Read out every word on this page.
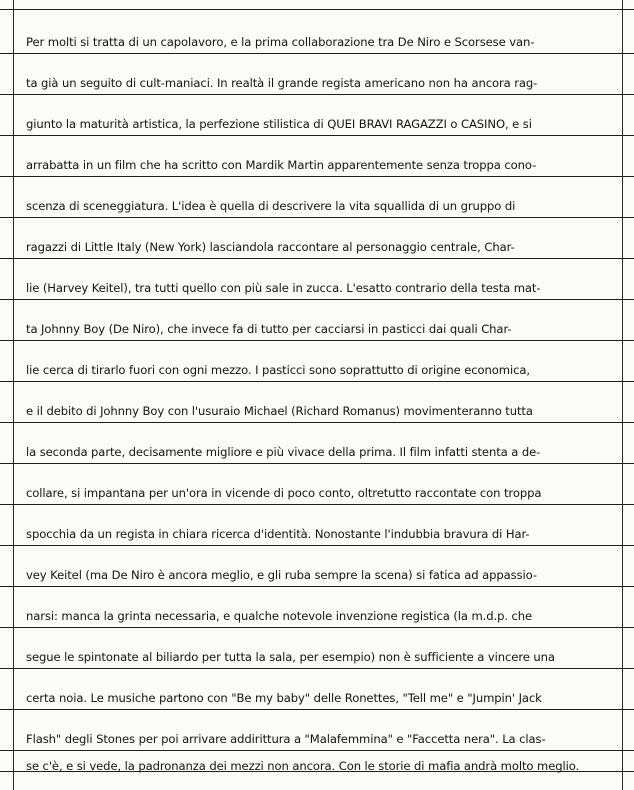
Per molti si tratta di un capolavoro, e la prima collaborazione tra De Niro e Scorsese van-
ta già un seguito di cult-maniaci. In realtà il grande regista americano non ha ancora rag-
giunto la maturità artistica, la perfezione stilistica di QUEI BRAVI RAGAZZI o CASINO, e si
arrabatta in un film che ha scritto con Mardik Martin apparentemente senza troppa cono-
scenza di sceneggiatura. L'idea è quella di descrivere la vita squallida di un gruppo di
ragazzi di Little Italy (New York) lasciandola raccontare al personaggio centrale, Char-
lie (Harvey Keitel), tra tutti quello con più sale in zucca. L'esatto contrario della testa mat-
ta Johnny Boy (De Niro), che invece fa di tutto per cacciarsi in pasticci dai quali Char-
lie cerca di tirarlo fuori con ogni mezzo. I pasticci sono soprattutto di origine economica,
e il debito di Johnny Boy con l'usuraio Michael (Richard Romanus) movimenteranno tutta
la seconda parte, decisamente migliore e più vivace della prima. Il film infatti stenta a de-
collare, si impantana per un'ora in vicende di poco conto, oltretutto raccontate con troppa
spocchia da un regista in chiara ricerca d'identità. Nonostante l'indubbia bravura di Har-
vey Keitel (ma De Niro è ancora meglio, e gli ruba sempre la scena) si fatica ad appassio-
narsi: manca la grinta necessaria, e qualche notevole invenzione registica (la m.d.p. che
segue le spintonate al biliardo per tutta la sala, per esempio) non è sufficiente a vincere una
certa noia. Le musiche partono con "Be my baby" delle Ronettes, "Tell me" e "Jumpin' Jack
Flash" degli Stones per poi arrivare addirittura a "Malafemmina" e "Faccetta nera". La clas-
se c'è, e si vede, la padronanza dei mezzi non ancora. Con le storie di mafia andrà molto meglio.
